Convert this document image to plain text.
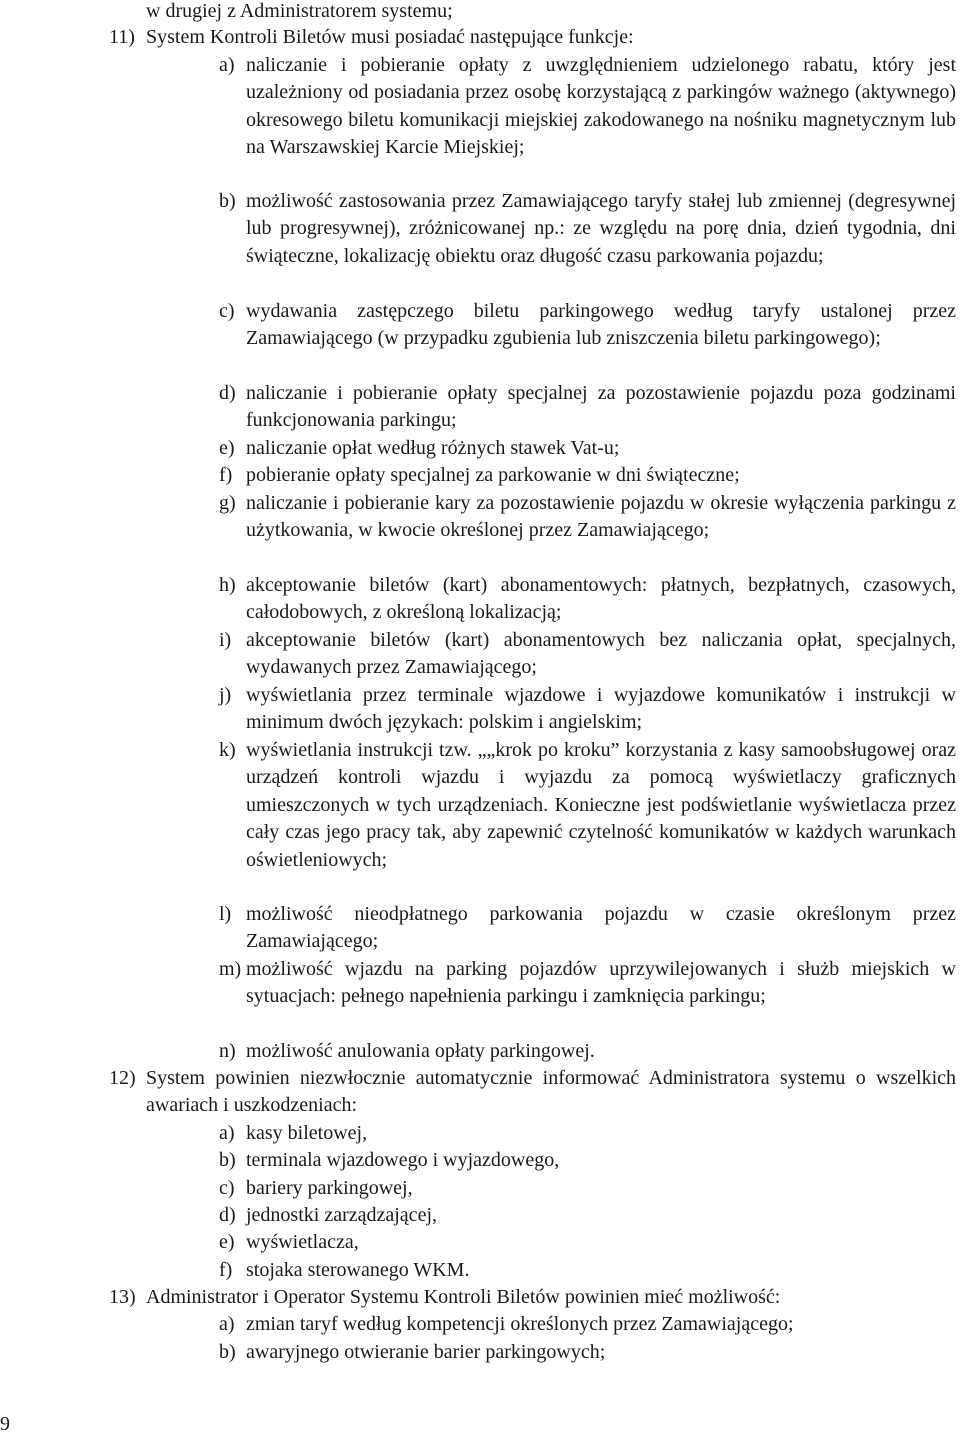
w drugiej z Administratorem systemu;
11) System Kontroli Biletów musi posiadać następujące funkcje:
a) naliczanie i pobieranie opłaty z uwzględnieniem udzielonego rabatu, który jest uzależniony od posiadania przez osobę korzystającą z parkingów ważnego (aktywnego) okresowego biletu komunikacji miejskiej zakodowanego na nośniku magnetycznym lub na Warszawskiej Karcie Miejskiej;
b) możliwość zastosowania przez Zamawiającego taryfy stałej lub zmiennej (degresywnej lub progresywnej), zróżnicowanej np.: ze względu na porę dnia, dzień tygodnia, dni świąteczne, lokalizację obiektu oraz długość czasu parkowania pojazdu;
c) wydawania zastępczego biletu parkingowego według taryfy ustalonej przez Zamawiającego (w przypadku zgubienia lub zniszczenia biletu parkingowego);
d) naliczanie i pobieranie opłaty specjalnej za pozostawienie pojazdu poza godzinami funkcjonowania parkingu;
e) naliczanie opłat według różnych stawek Vat-u;
f) pobieranie opłaty specjalnej za parkowanie w dni świąteczne;
g) naliczanie i pobieranie kary za pozostawienie pojazdu w okresie wyłączenia parkingu z użytkowania, w kwocie określonej przez Zamawiającego;
h) akceptowanie biletów (kart) abonamentowych: płatnych, bezpłatnych, czasowych, całodobowych, z określoną lokalizacją;
i) akceptowanie biletów (kart) abonamentowych bez naliczania opłat, specjalnych, wydawanych przez Zamawiającego;
j) wyświetlania przez terminale wjazdowe i wyjazdowe komunikatów i instrukcji w minimum dwóch językach: polskim i angielskim;
k) wyświetlania instrukcji tzw. „„krok po kroku” korzystania z kasy samoobsługowej oraz urządzeń kontroli wjazdu i wyjazdu za pomocą wyświetlaczy graficznych umieszczonych w tych urządzeniach. Konieczne jest podświetlanie wyświetlacza przez cały czas jego pracy tak, aby zapewnić czytelność komunikatów w każdych warunkach oświetleniowych;
l) możliwość nieodpłatnego parkowania pojazdu w czasie określonym przez Zamawiającego;
m) możliwość wjazdu na parking pojazdów uprzywilejowanych i służb miejskich w sytuacjach: pełnego napełnienia parkingu i zamknięcia parkingu;
n) możliwość anulowania opłaty parkingowej.
12) System powinien niezwłocznie automatycznie informować Administratora systemu o wszelkich awariach i uszkodzeniach:
a) kasy biletowej,
b) terminala wjazdowego i wyjazdowego,
c) bariery parkingowej,
d) jednostki zarządzającej,
e) wyświetlacza,
f) stojaka sterowanego WKM.
13) Administrator i Operator Systemu Kontroli Biletów powinien mieć możliwość:
a) zmian taryf według kompetencji określonych przez Zamawiającego;
b) awaryjnego otwieranie barier parkingowych;
9
